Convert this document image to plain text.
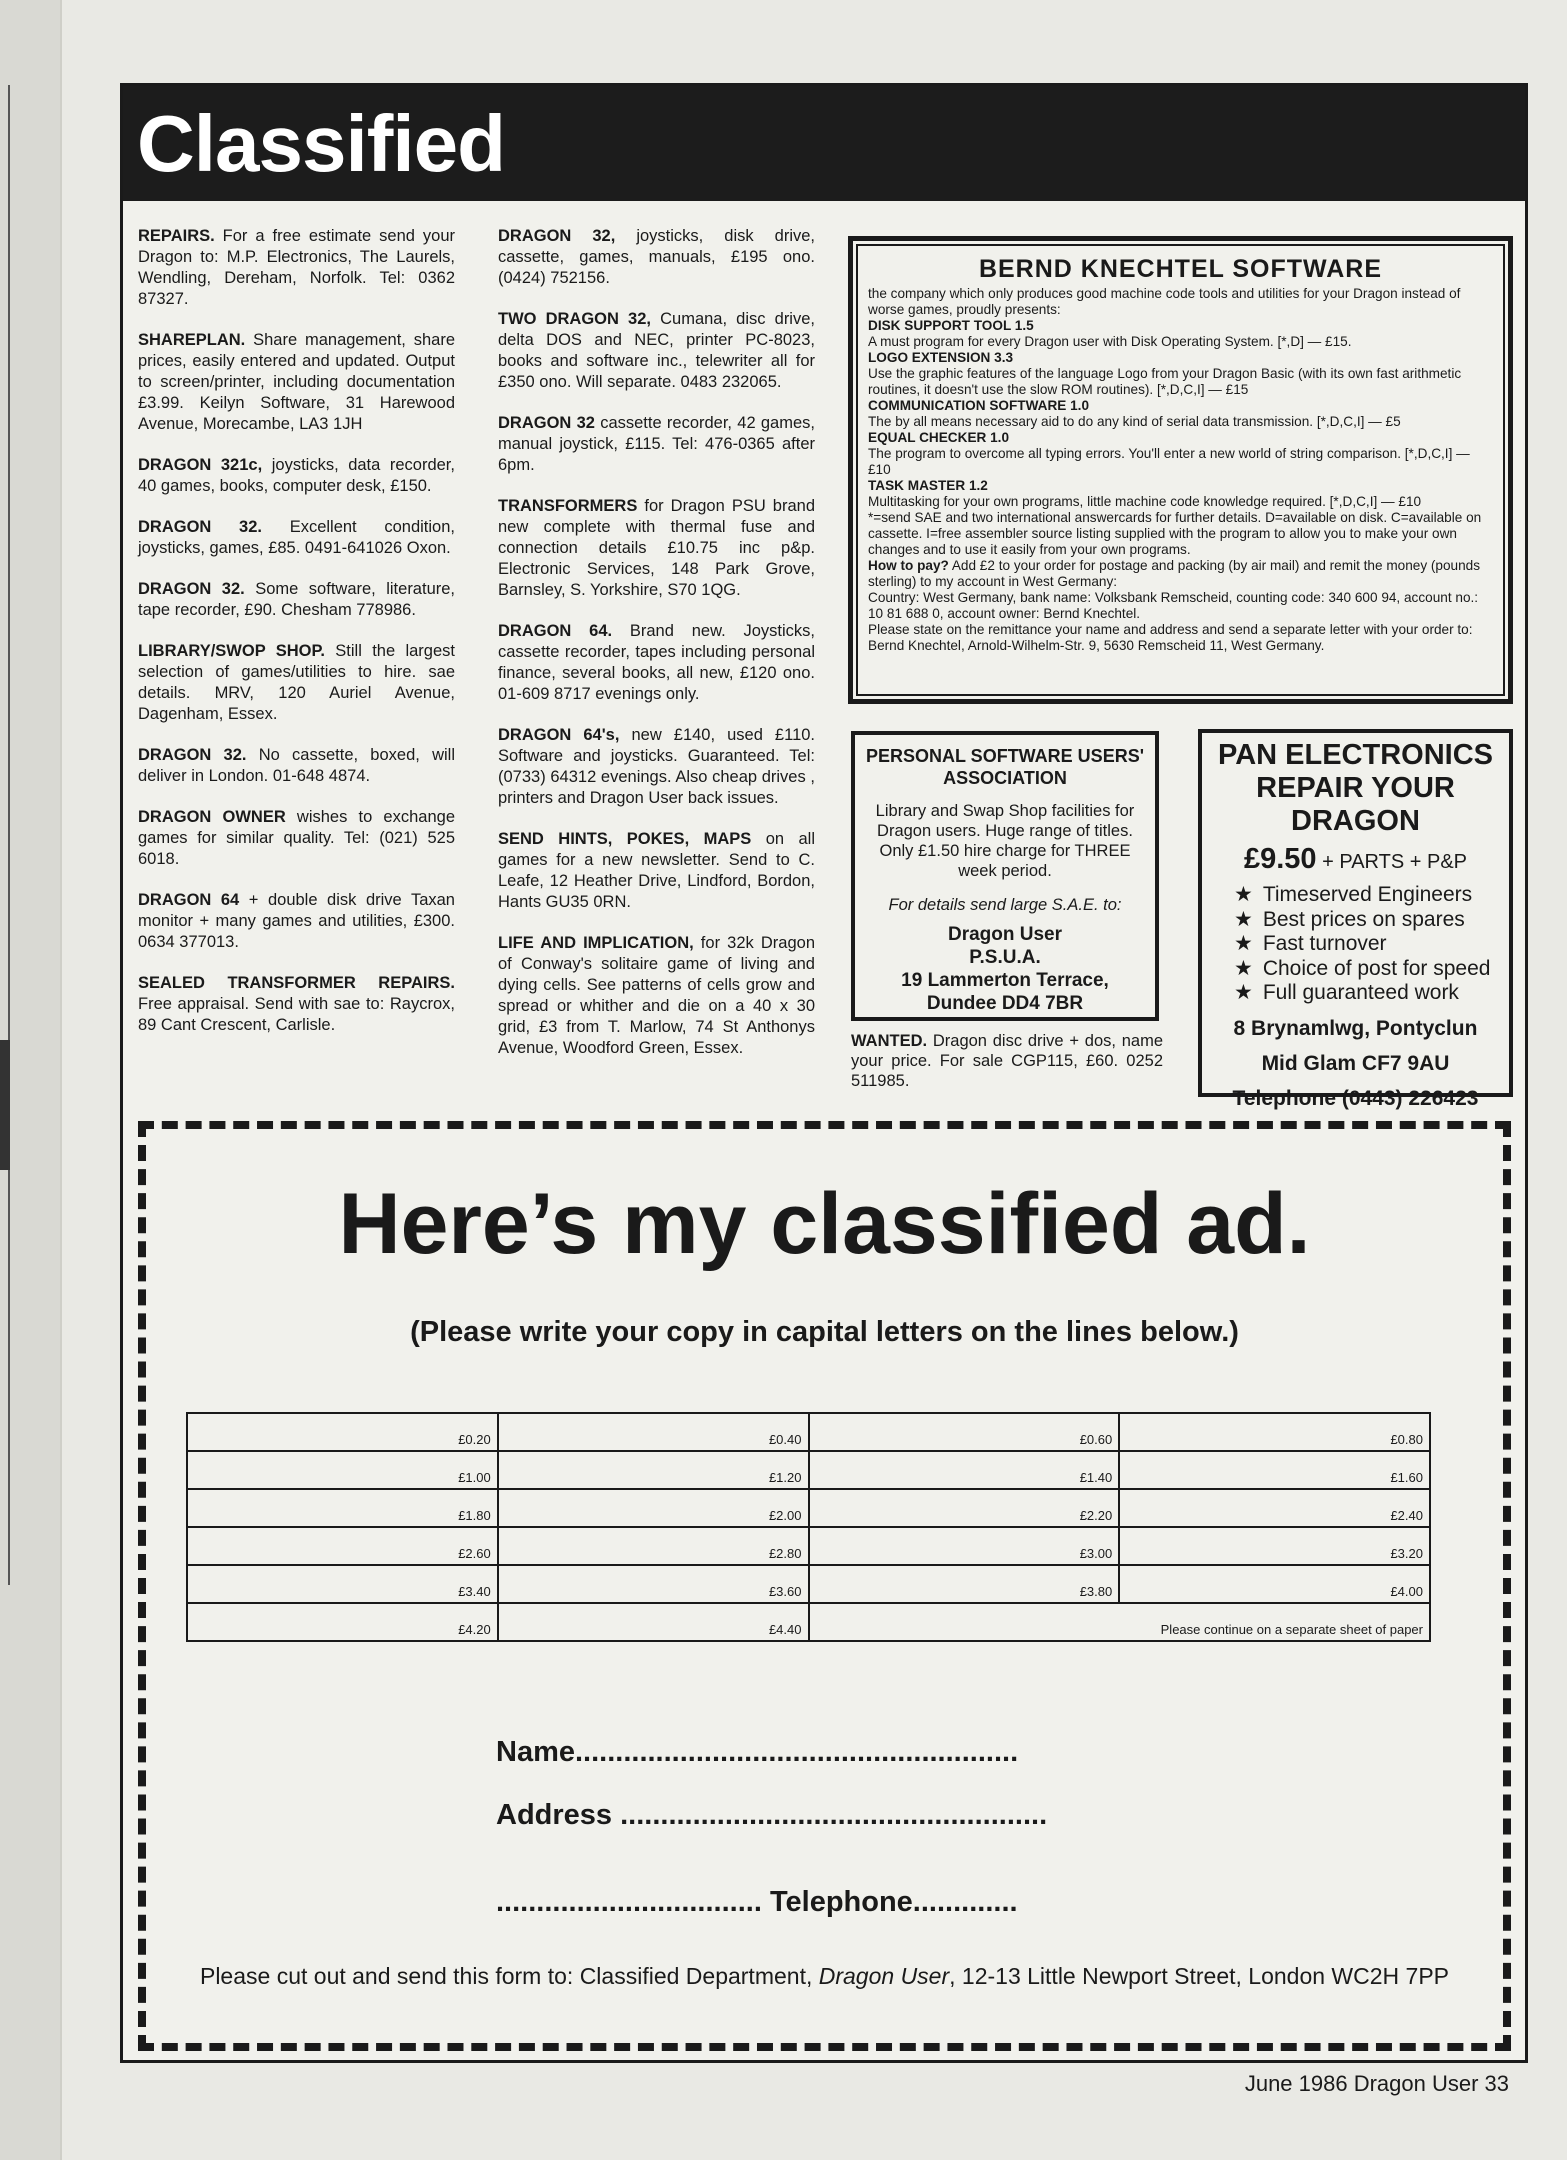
Classified
REPAIRS. For a free estimate send your Dragon to: M.P. Electronics, The Laurels, Wendling, Dereham, Norfolk. Tel: 0362 87327.
SHAREPLAN. Share management, share prices, easily entered and updated. Output to screen/printer, including documentation £3.99. Keilyn Software, 31 Harewood Avenue, Morecambe, LA3 1JH
DRAGON 321c, joysticks, data recorder, 40 games, books, computer desk, £150.
DRAGON 32. Excellent condition, joysticks, games, £85. 0491-641026 Oxon.
DRAGON 32. Some software, literature, tape recorder, £90. Chesham 778986.
LIBRARY/SWOP SHOP. Still the largest selection of games/utilities to hire. sae details. MRV, 120 Auriel Avenue, Dagenham, Essex.
DRAGON 32. No cassette, boxed, will deliver in London. 01-648 4874.
DRAGON OWNER wishes to exchange games for similar quality. Tel: (021) 525 6018.
DRAGON 64 + double disk drive Taxan monitor + many games and utilities, £300. 0634 377013.
SEALED TRANSFORMER REPAIRS. Free appraisal. Send with sae to: Raycrox, 89 Cant Crescent, Carlisle.
DRAGON 32, joysticks, disk drive, cassette, games, manuals, £195 ono. (0424) 752156.
TWO DRAGON 32, Cumana, disc drive, delta DOS and NEC, printer PC-8023, books and software inc., telewriter all for £350 ono. Will separate. 0483 232065.
DRAGON 32 cassette recorder, 42 games, manual joystick, £115. Tel: 476-0365 after 6pm.
TRANSFORMERS for Dragon PSU brand new complete with thermal fuse and connection details £10.75 inc p&p. Electronic Services, 148 Park Grove, Barnsley, S. Yorkshire, S70 1QG.
DRAGON 64. Brand new. Joysticks, cassette recorder, tapes including personal finance, several books, all new, £120 ono. 01-609 8717 evenings only.
DRAGON 64's, new £140, used £110. Software and joysticks. Guaranteed. Tel: (0733) 64312 evenings. Also cheap drives , printers and Dragon User back issues.
SEND HINTS, POKES, MAPS on all games for a new newsletter. Send to C. Leafe, 12 Heather Drive, Lindford, Bordon, Hants GU35 0RN.
LIFE AND IMPLICATION, for 32k Dragon of Conway's solitaire game of living and dying cells. See patterns of cells grow and spread or whither and die on a 40 x 30 grid, £3 from T. Marlow, 74 St Anthonys Avenue, Woodford Green, Essex.
BERND KNECHTEL SOFTWARE
the company which only produces good machine code tools and utilities for your Dragon instead of worse games, proudly presents:
DISK SUPPORT TOOL 1.5
A must program for every Dragon user with Disk Operating System. [*,D] — £15.
LOGO EXTENSION 3.3
Use the graphic features of the language Logo from your Dragon Basic (with its own fast arithmetic routines, it doesn't use the slow ROM routines). [*,D,C,I] — £15
COMMUNICATION SOFTWARE 1.0
The by all means necessary aid to do any kind of serial data transmission. [*,D,C,I] — £5
EQUAL CHECKER 1.0
The program to overcome all typing errors. You'll enter a new world of string comparison. [*,D,C,I] — £10
TASK MASTER 1.2
Multitasking for your own programs, little machine code knowledge required. [*,D,C,I] — £10
*=send SAE and two international answercards for further details. D=available on disk. C=available on cassette. I=free assembler source listing supplied with the program to allow you to make your own changes and to use it easily from your own programs.
How to pay? Add £2 to your order for postage and packing (by air mail) and remit the money (pounds sterling) to my account in West Germany:
Country: West Germany, bank name: Volksbank Remscheid, counting code: 340 600 94, account no.: 10 81 688 0, account owner: Bernd Knechtel.
Please state on the remittance your name and address and send a separate letter with your order to: Bernd Knechtel, Arnold-Wilhelm-Str. 9, 5630 Remscheid 11, West Germany.
PERSONAL SOFTWARE USERS' ASSOCIATION
Library and Swap Shop facilities for Dragon users. Huge range of titles. Only £1.50 hire charge for THREE week period.
For details send large S.A.E. to:
Dragon User
P.S.U.A.
19 Lammerton Terrace,
Dundee DD4 7BR
WANTED. Dragon disc drive + dos, name your price. For sale CGP115, £60. 0252 511985.
PAN ELECTRONICS
REPAIR YOUR DRAGON
£9.50 + PARTS + P&P
★ Timeserved Engineers
★ Best prices on spares
★ Fast turnover
★ Choice of post for speed
★ Full guaranteed work
8 Brynamlwg, Pontyclun
Mid Glam CF7 9AU
Telephone (0443) 226423
Here’s my classified ad.
(Please write your copy in capital letters on the lines below.)
£0.20	£0.40	£0.60	£0.80
£1.00	£1.20	£1.40	£1.60
£1.80	£2.00	£2.20	£2.40
£2.60	£2.80	£3.00	£3.20
£3.40	£3.60	£3.80	£4.00
£4.20	£4.40	Please continue on a separate sheet of paper	
Name.......................................................
Address .....................................................
................................. Telephone.............
Please cut out and send this form to: Classified Department, Dragon User, 12-13 Little Newport Street, London WC2H 7PP
June 1986 Dragon User 33
